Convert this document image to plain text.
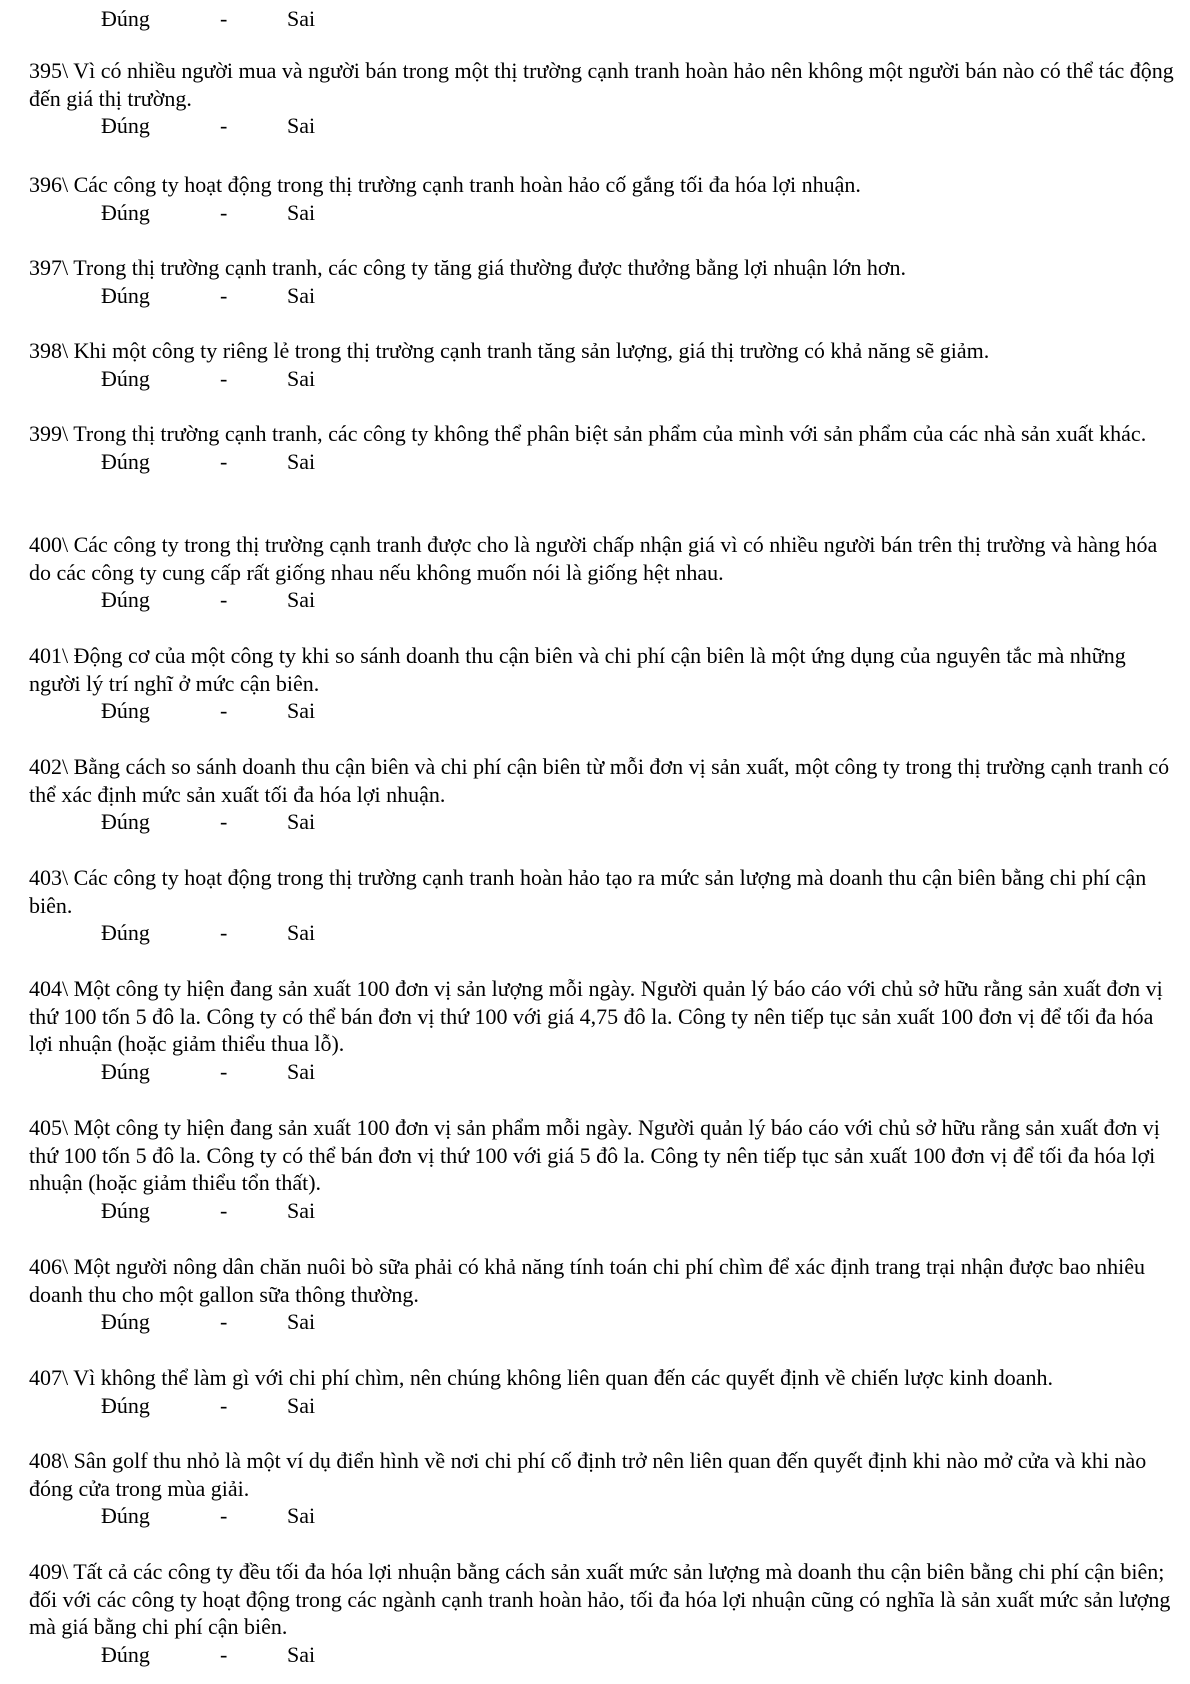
Đúng	-	Sai

395\ Vì có nhiều người mua và người bán trong một thị trường cạnh tranh hoàn hảo nên không một người bán nào có thể tác động đến giá thị trường.

Đúng	-	Sai

396\ Các công ty hoạt động trong thị trường cạnh tranh hoàn hảo cố gắng tối đa hóa lợi nhuận.

Đúng	-	Sai

397\ Trong thị trường cạnh tranh, các công ty tăng giá thường được thưởng bằng lợi nhuận lớn hơn.

Đúng	-	Sai

398\ Khi một công ty riêng lẻ trong thị trường cạnh tranh tăng sản lượng, giá thị trường có khả năng sẽ giảm.

Đúng	-	Sai

399\ Trong thị trường cạnh tranh, các công ty không thể phân biệt sản phẩm của mình với sản phẩm của các nhà sản xuất khác.

Đúng	-	Sai

400\ Các công ty trong thị trường cạnh tranh được cho là người chấp nhận giá vì có nhiều người bán trên thị trường và hàng hóa do các công ty cung cấp rất giống nhau nếu không muốn nói là giống hệt nhau.

Đúng	-	Sai

401\ Động cơ của một công ty khi so sánh doanh thu cận biên và chi phí cận biên là một ứng dụng của nguyên tắc mà những người lý trí nghĩ ở mức cận biên.

Đúng	-	Sai

402\ Bằng cách so sánh doanh thu cận biên và chi phí cận biên từ mỗi đơn vị sản xuất, một công ty trong thị trường cạnh tranh có thể xác định mức sản xuất tối đa hóa lợi nhuận.

Đúng	-	Sai

403\ Các công ty hoạt động trong thị trường cạnh tranh hoàn hảo tạo ra mức sản lượng mà doanh thu cận biên bằng chi phí cận biên.

Đúng	-	Sai

404\ Một công ty hiện đang sản xuất 100 đơn vị sản lượng mỗi ngày. Người quản lý báo cáo với chủ sở hữu rằng sản xuất đơn vị thứ 100 tốn 5 đô la. Công ty có thể bán đơn vị thứ 100 với giá 4,75 đô la. Công ty nên tiếp tục sản xuất 100 đơn vị để tối đa hóa lợi nhuận (hoặc giảm thiểu thua lỗ).

Đúng	-	Sai

405\ Một công ty hiện đang sản xuất 100 đơn vị sản phẩm mỗi ngày. Người quản lý báo cáo với chủ sở hữu rằng sản xuất đơn vị thứ 100 tốn 5 đô la. Công ty có thể bán đơn vị thứ 100 với giá 5 đô la. Công ty nên tiếp tục sản xuất 100 đơn vị để tối đa hóa lợi nhuận (hoặc giảm thiểu tổn thất).

Đúng	-	Sai

406\ Một người nông dân chăn nuôi bò sữa phải có khả năng tính toán chi phí chìm để xác định trang trại nhận được bao nhiêu doanh thu cho một gallon sữa thông thường.

Đúng	-	Sai

407\ Vì không thể làm gì với chi phí chìm, nên chúng không liên quan đến các quyết định về chiến lược kinh doanh.

Đúng	-	Sai

408\ Sân golf thu nhỏ là một ví dụ điển hình về nơi chi phí cố định trở nên liên quan đến quyết định khi nào mở cửa và khi nào đóng cửa trong mùa giải.

Đúng	-	Sai

409\ Tất cả các công ty đều tối đa hóa lợi nhuận bằng cách sản xuất mức sản lượng mà doanh thu cận biên bằng chi phí cận biên; đối với các công ty hoạt động trong các ngành cạnh tranh hoàn hảo, tối đa hóa lợi nhuận cũng có nghĩa là sản xuất mức sản lượng mà giá bằng chi phí cận biên.

Đúng	-	Sai
